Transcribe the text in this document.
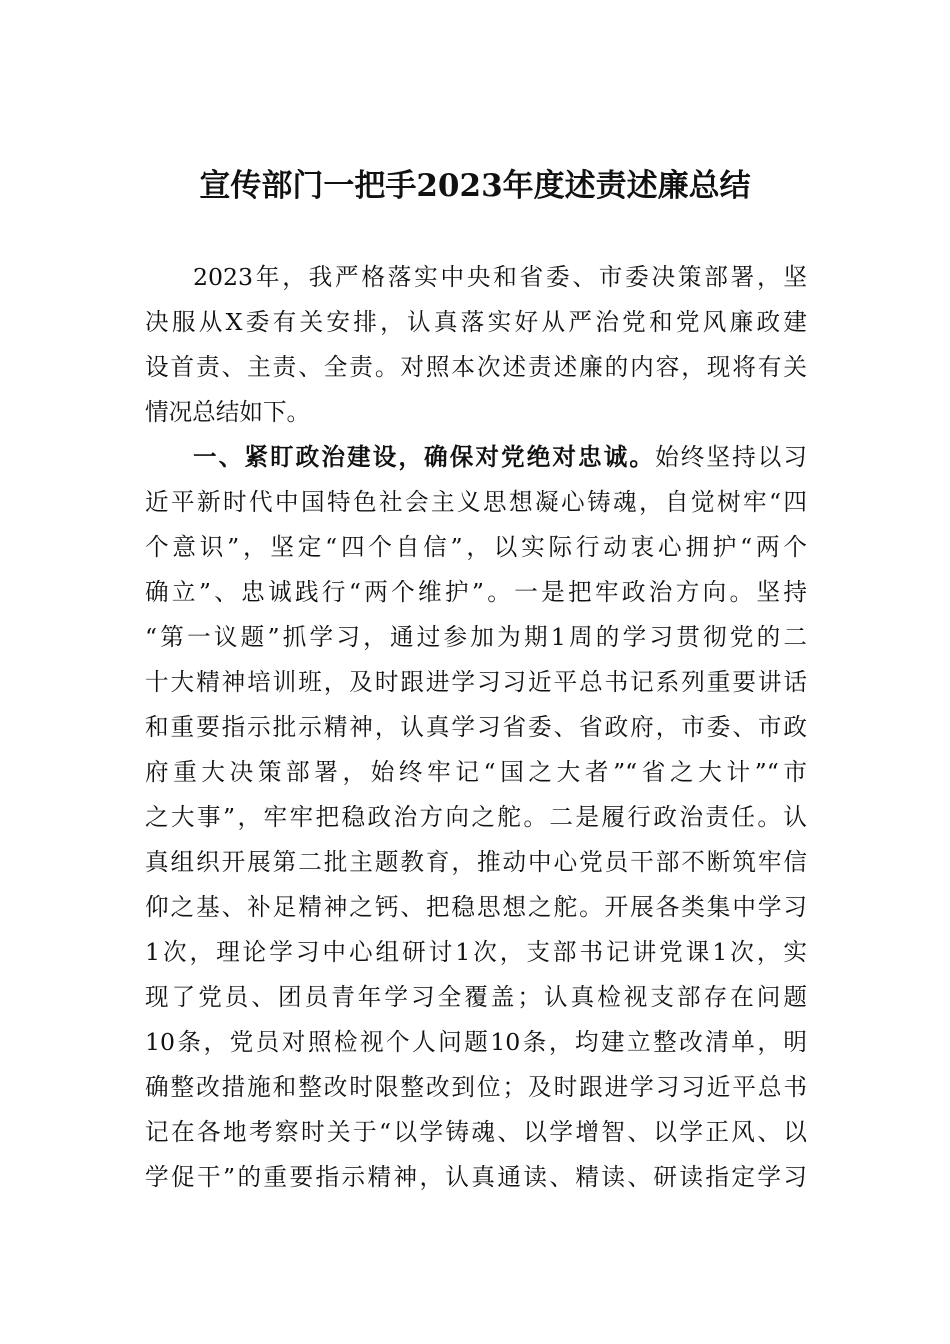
宣传部门一把手2023年度述责述廉总结
2023年，我严格落实中央和省委、市委决策部署，坚
决服从X委有关安排，认真落实好从严治党和党风廉政建
设首责、主责、全责。对照本次述责述廉的内容，现将有关
情况总结如下。
一、紧盯政治建设，确保对党绝对忠诚。始终坚持以习
近平新时代中国特色社会主义思想凝心铸魂，自觉树牢“四
个意识”，坚定“四个自信”，以实际行动衷心拥护“两个
确立”、忠诚践行“两个维护”。一是把牢政治方向。坚持
“第一议题”抓学习，通过参加为期1周的学习贯彻党的二
十大精神培训班，及时跟进学习习近平总书记系列重要讲话
和重要指示批示精神，认真学习省委、省政府，市委、市政
府重大决策部署，始终牢记“国之大者”“省之大计”“市
之大事”，牢牢把稳政治方向之舵。二是履行政治责任。认
真组织开展第二批主题教育，推动中心党员干部不断筑牢信
仰之基、补足精神之钙、把稳思想之舵。开展各类集中学习
1次，理论学习中心组研讨1次，支部书记讲党课1次，实
现了党员、团员青年学习全覆盖；认真检视支部存在问题
10条，党员对照检视个人问题10条，均建立整改清单，明
确整改措施和整改时限整改到位；及时跟进学习习近平总书
记在各地考察时关于“以学铸魂、以学增智、以学正风、以
学促干”的重要指示精神，认真通读、精读、研读指定学习
